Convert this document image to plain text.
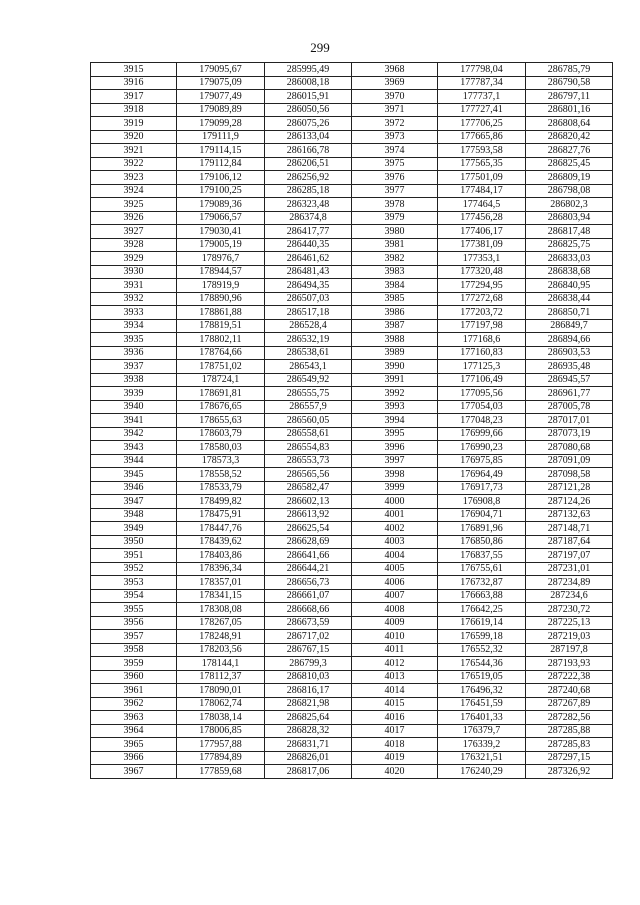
299
3915	179095,67	285995,49	3968	177798,04	286785,79
3916	179075,09	286008,18	3969	177787,34	286790,58
3917	179077,49	286015,91	3970	177737,1	286797,11
3918	179089,89	286050,56	3971	177727,41	286801,16
3919	179099,28	286075,26	3972	177706,25	286808,64
3920	179111,9	286133,04	3973	177665,86	286820,42
3921	179114,15	286166,78	3974	177593,58	286827,76
3922	179112,84	286206,51	3975	177565,35	286825,45
3923	179106,12	286256,92	3976	177501,09	286809,19
3924	179100,25	286285,18	3977	177484,17	286798,08
3925	179089,36	286323,48	3978	177464,5	286802,3
3926	179066,57	286374,8	3979	177456,28	286803,94
3927	179030,41	286417,77	3980	177406,17	286817,48
3928	179005,19	286440,35	3981	177381,09	286825,75
3929	178976,7	286461,62	3982	177353,1	286833,03
3930	178944,57	286481,43	3983	177320,48	286838,68
3931	178919,9	286494,35	3984	177294,95	286840,95
3932	178890,96	286507,03	3985	177272,68	286838,44
3933	178861,88	286517,18	3986	177203,72	286850,71
3934	178819,51	286528,4	3987	177197,98	286849,7
3935	178802,11	286532,19	3988	177168,6	286894,66
3936	178764,66	286538,61	3989	177160,83	286903,53
3937	178751,02	286543,1	3990	177125,3	286935,48
3938	178724,1	286549,92	3991	177106,49	286945,57
3939	178691,81	286555,75	3992	177095,56	286961,77
3940	178676,65	286557,9	3993	177054,03	287005,78
3941	178655,63	286560,05	3994	177048,23	287017,01
3942	178603,79	286558,61	3995	176999,66	287073,19
3943	178580,03	286554,83	3996	176990,23	287080,68
3944	178573,3	286553,73	3997	176975,85	287091,09
3945	178558,52	286565,56	3998	176964,49	287098,58
3946	178533,79	286582,47	3999	176917,73	287121,28
3947	178499,82	286602,13	4000	176908,8	287124,26
3948	178475,91	286613,92	4001	176904,71	287132,63
3949	178447,76	286625,54	4002	176891,96	287148,71
3950	178439,62	286628,69	4003	176850,86	287187,64
3951	178403,86	286641,66	4004	176837,55	287197,07
3952	178396,34	286644,21	4005	176755,61	287231,01
3953	178357,01	286656,73	4006	176732,87	287234,89
3954	178341,15	286661,07	4007	176663,88	287234,6
3955	178308,08	286668,66	4008	176642,25	287230,72
3956	178267,05	286673,59	4009	176619,14	287225,13
3957	178248,91	286717,02	4010	176599,18	287219,03
3958	178203,56	286767,15	4011	176552,32	287197,8
3959	178144,1	286799,3	4012	176544,36	287193,93
3960	178112,37	286810,03	4013	176519,05	287222,38
3961	178090,01	286816,17	4014	176496,32	287240,68
3962	178062,74	286821,98	4015	176451,59	287267,89
3963	178038,14	286825,64	4016	176401,33	287282,56
3964	178006,85	286828,32	4017	176379,7	287285,88
3965	177957,88	286831,71	4018	176339,2	287285,83
3966	177894,89	286826,01	4019	176321,51	287297,15
3967	177859,68	286817,06	4020	176240,29	287326,92
